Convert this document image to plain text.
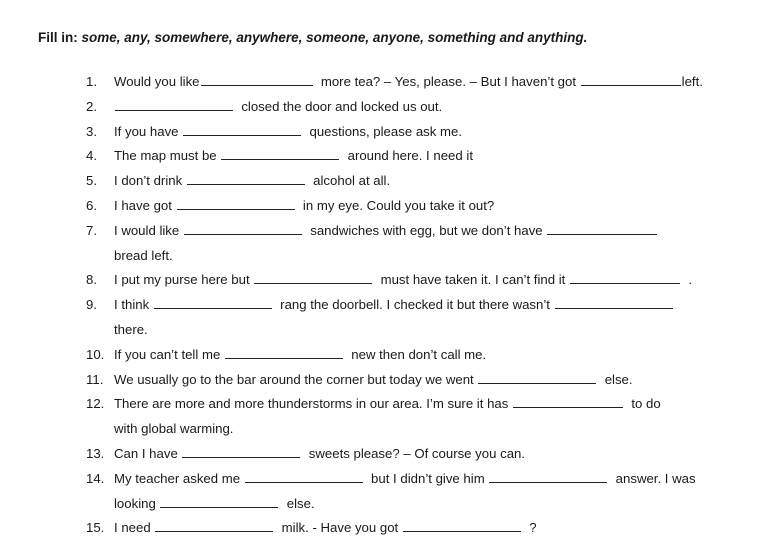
Fill in: some, any, somewhere, anywhere, someone, anyone, something and anything.
1.	Would you like	more tea? – Yes, please. – But I haven’t got	left.
2.	closed the door and locked us out.
3.	If you have	questions, please ask me.
4.	The map must be	around here. I need it
5.	I don’t drink	alcohol at all.
6.	I have got	in my eye. Could you take it out?
7.	I would like	sandwiches with egg, but we don’t have
bread left.
8.	I put my purse here but	must have taken it. I can’t find it	.
9.	I think	rang the doorbell. I checked it but there wasn’t
there.
10. If you can’t tell me	new then don’t call me.
11. We usually go to the bar around the corner but today we went	else.
12. There are more and more thunderstorms in our area. I’m sure it has	to do
with global warming.
13. Can I have	sweets please? – Of course you can.
14. My teacher asked me	but I didn’t give him	answer. I was
looking	else.
15. I need	milk. - Have you got	?
